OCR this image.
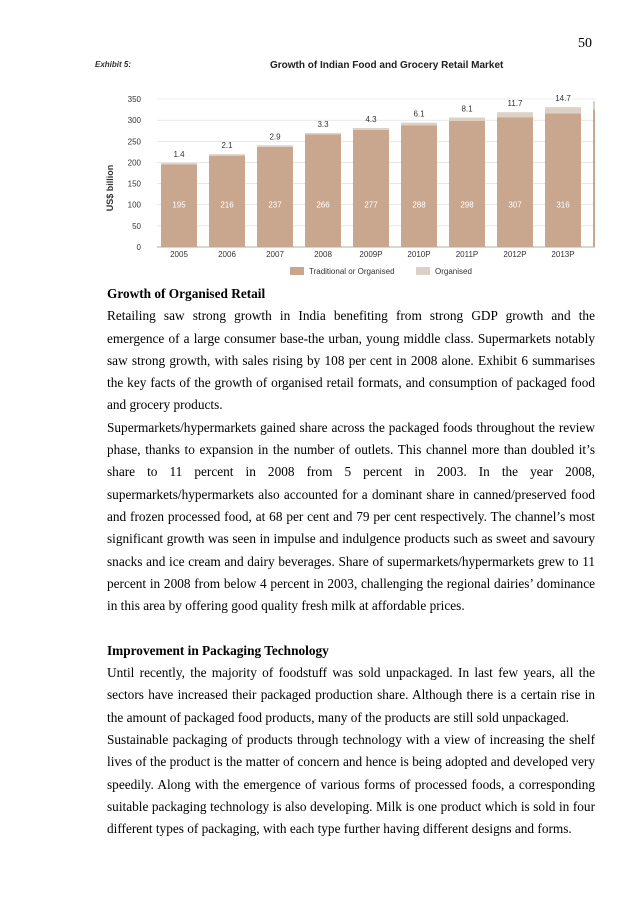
50
0
50
100
150
200
250
300
350
US$ billion	195
1.4
2005
216
2.1
2006
237
2.9
2007
266
3.3
2008
277
4.3
2009P
288
6.1
2010P
298
8.1
2011P
307
11.7
2012P
316
14.7
2013P
Traditional or Organised	Organised
Exhibit 5:	Growth of Indian Food and Grocery Retail Market

Growth of Organised Retail

Retailing saw strong growth in India benefiting from strong GDP growth and the emergence of a large consumer base-the urban, young middle class. Supermarkets notably saw strong growth, with sales rising by 108 per cent in 2008 alone. Exhibit 6 summarises the key facts of the growth of organised retail formats, and consumption of packaged food and grocery products.

Supermarkets/hypermarkets gained share across the packaged foods throughout the review phase, thanks to expansion in the number of outlets. This channel more than doubled it’s share to 11 percent in 2008 from 5 percent in 2003. In the year 2008, supermarkets/hypermarkets also accounted for a dominant share in canned/preserved food and frozen processed food, at 68 per cent and 79 per cent respectively. The channel’s most significant growth was seen in impulse and indulgence products such as sweet and savoury snacks and ice cream and dairy beverages. Share of supermarkets/hypermarkets grew to 11 percent in 2008 from below 4 percent in 2003, challenging the regional dairies’ dominance in this area by offering good quality fresh milk at affordable prices.

Improvement in Packaging Technology

Until recently, the majority of foodstuff was sold unpackaged. In last few years, all the sectors have increased their packaged production share. Although there is a certain rise in the amount of packaged food products, many of the products are still sold unpackaged.

Sustainable packaging of products through technology with a view of increasing the shelf lives of the product is the matter of concern and hence is being adopted and developed very speedily. Along with the emergence of various forms of processed foods, a corresponding suitable packaging technology is also developing. Milk is one product which is sold in four different types of packaging, with each type further having different designs and forms.
